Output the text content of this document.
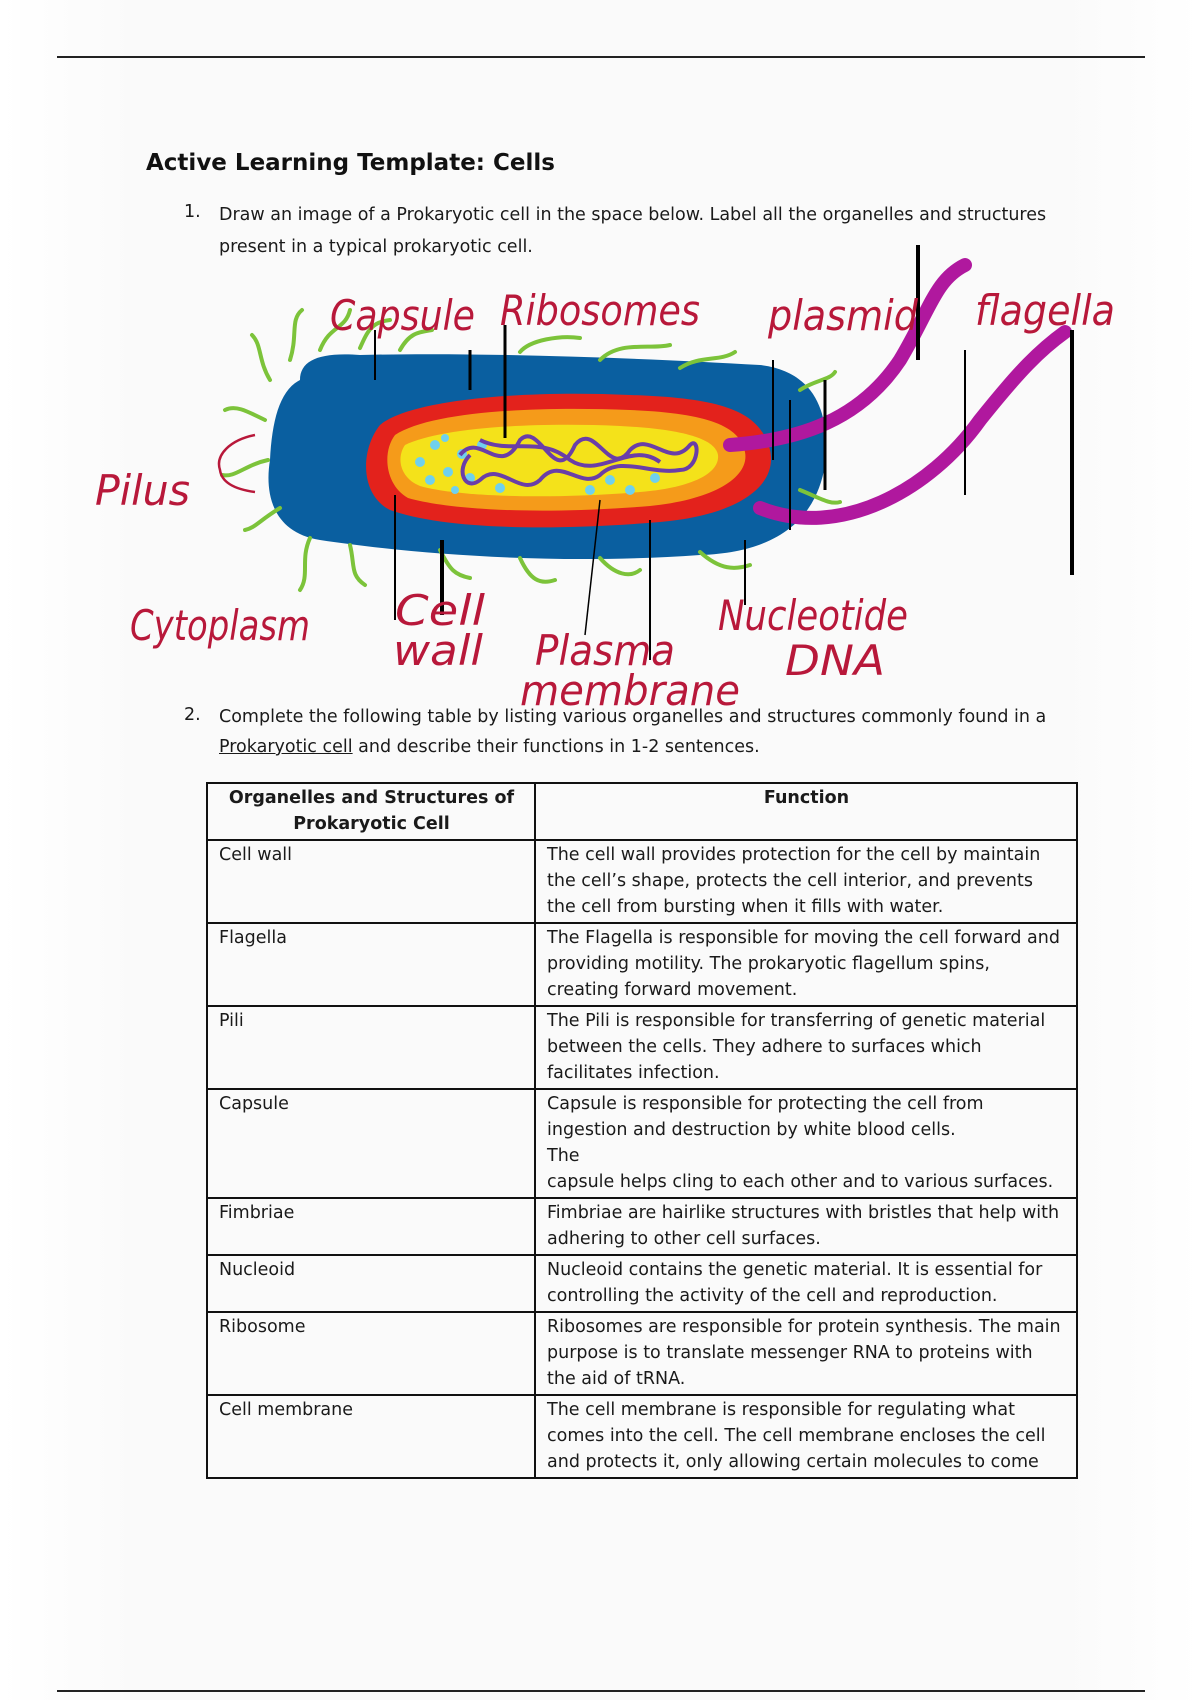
Active Learning Template: Cells
1. Draw an image of a Prokaryotic cell in the space below. Label all the organelles and structures present in a typical prokaryotic cell.
Capsule Ribosomes plasmid flagella
Pilus
Cytoplasm Cell
wall Plasma
membrane
Nucleotide
DNA
2. Complete the following table by listing various organelles and structures commonly found in a Prokaryotic cell and describe their functions in 1-2 sentences.
Organelles and Structures of Prokaryotic Cell	Function
Cell wall	The cell wall provides protection for the cell by maintain the cell’s shape, protects the cell interior, and prevents the cell from bursting when it fills with water.
Flagella	The Flagella is responsible for moving the cell forward and providing motility. The prokaryotic flagellum spins, creating forward movement.
Pili	The Pili is responsible for transferring of genetic material between the cells. They adhere to surfaces which facilitates infection.
Capsule	Capsule is responsible for protecting the cell from ingestion and destruction by white blood cells.
The
capsule helps cling to each other and to various surfaces.

Fimbriae	Fimbriae are hairlike structures with bristles that help with adhering to other cell surfaces.
Nucleoid	Nucleoid contains the genetic material. It is essential for controlling the activity of the cell and reproduction.
Ribosome	Ribosomes are responsible for protein synthesis. The main purpose is to translate messenger RNA to proteins with the aid of tRNA.
Cell membrane	The cell membrane is responsible for regulating what comes into the cell. The cell membrane encloses the cell and protects it, only allowing certain molecules to come
